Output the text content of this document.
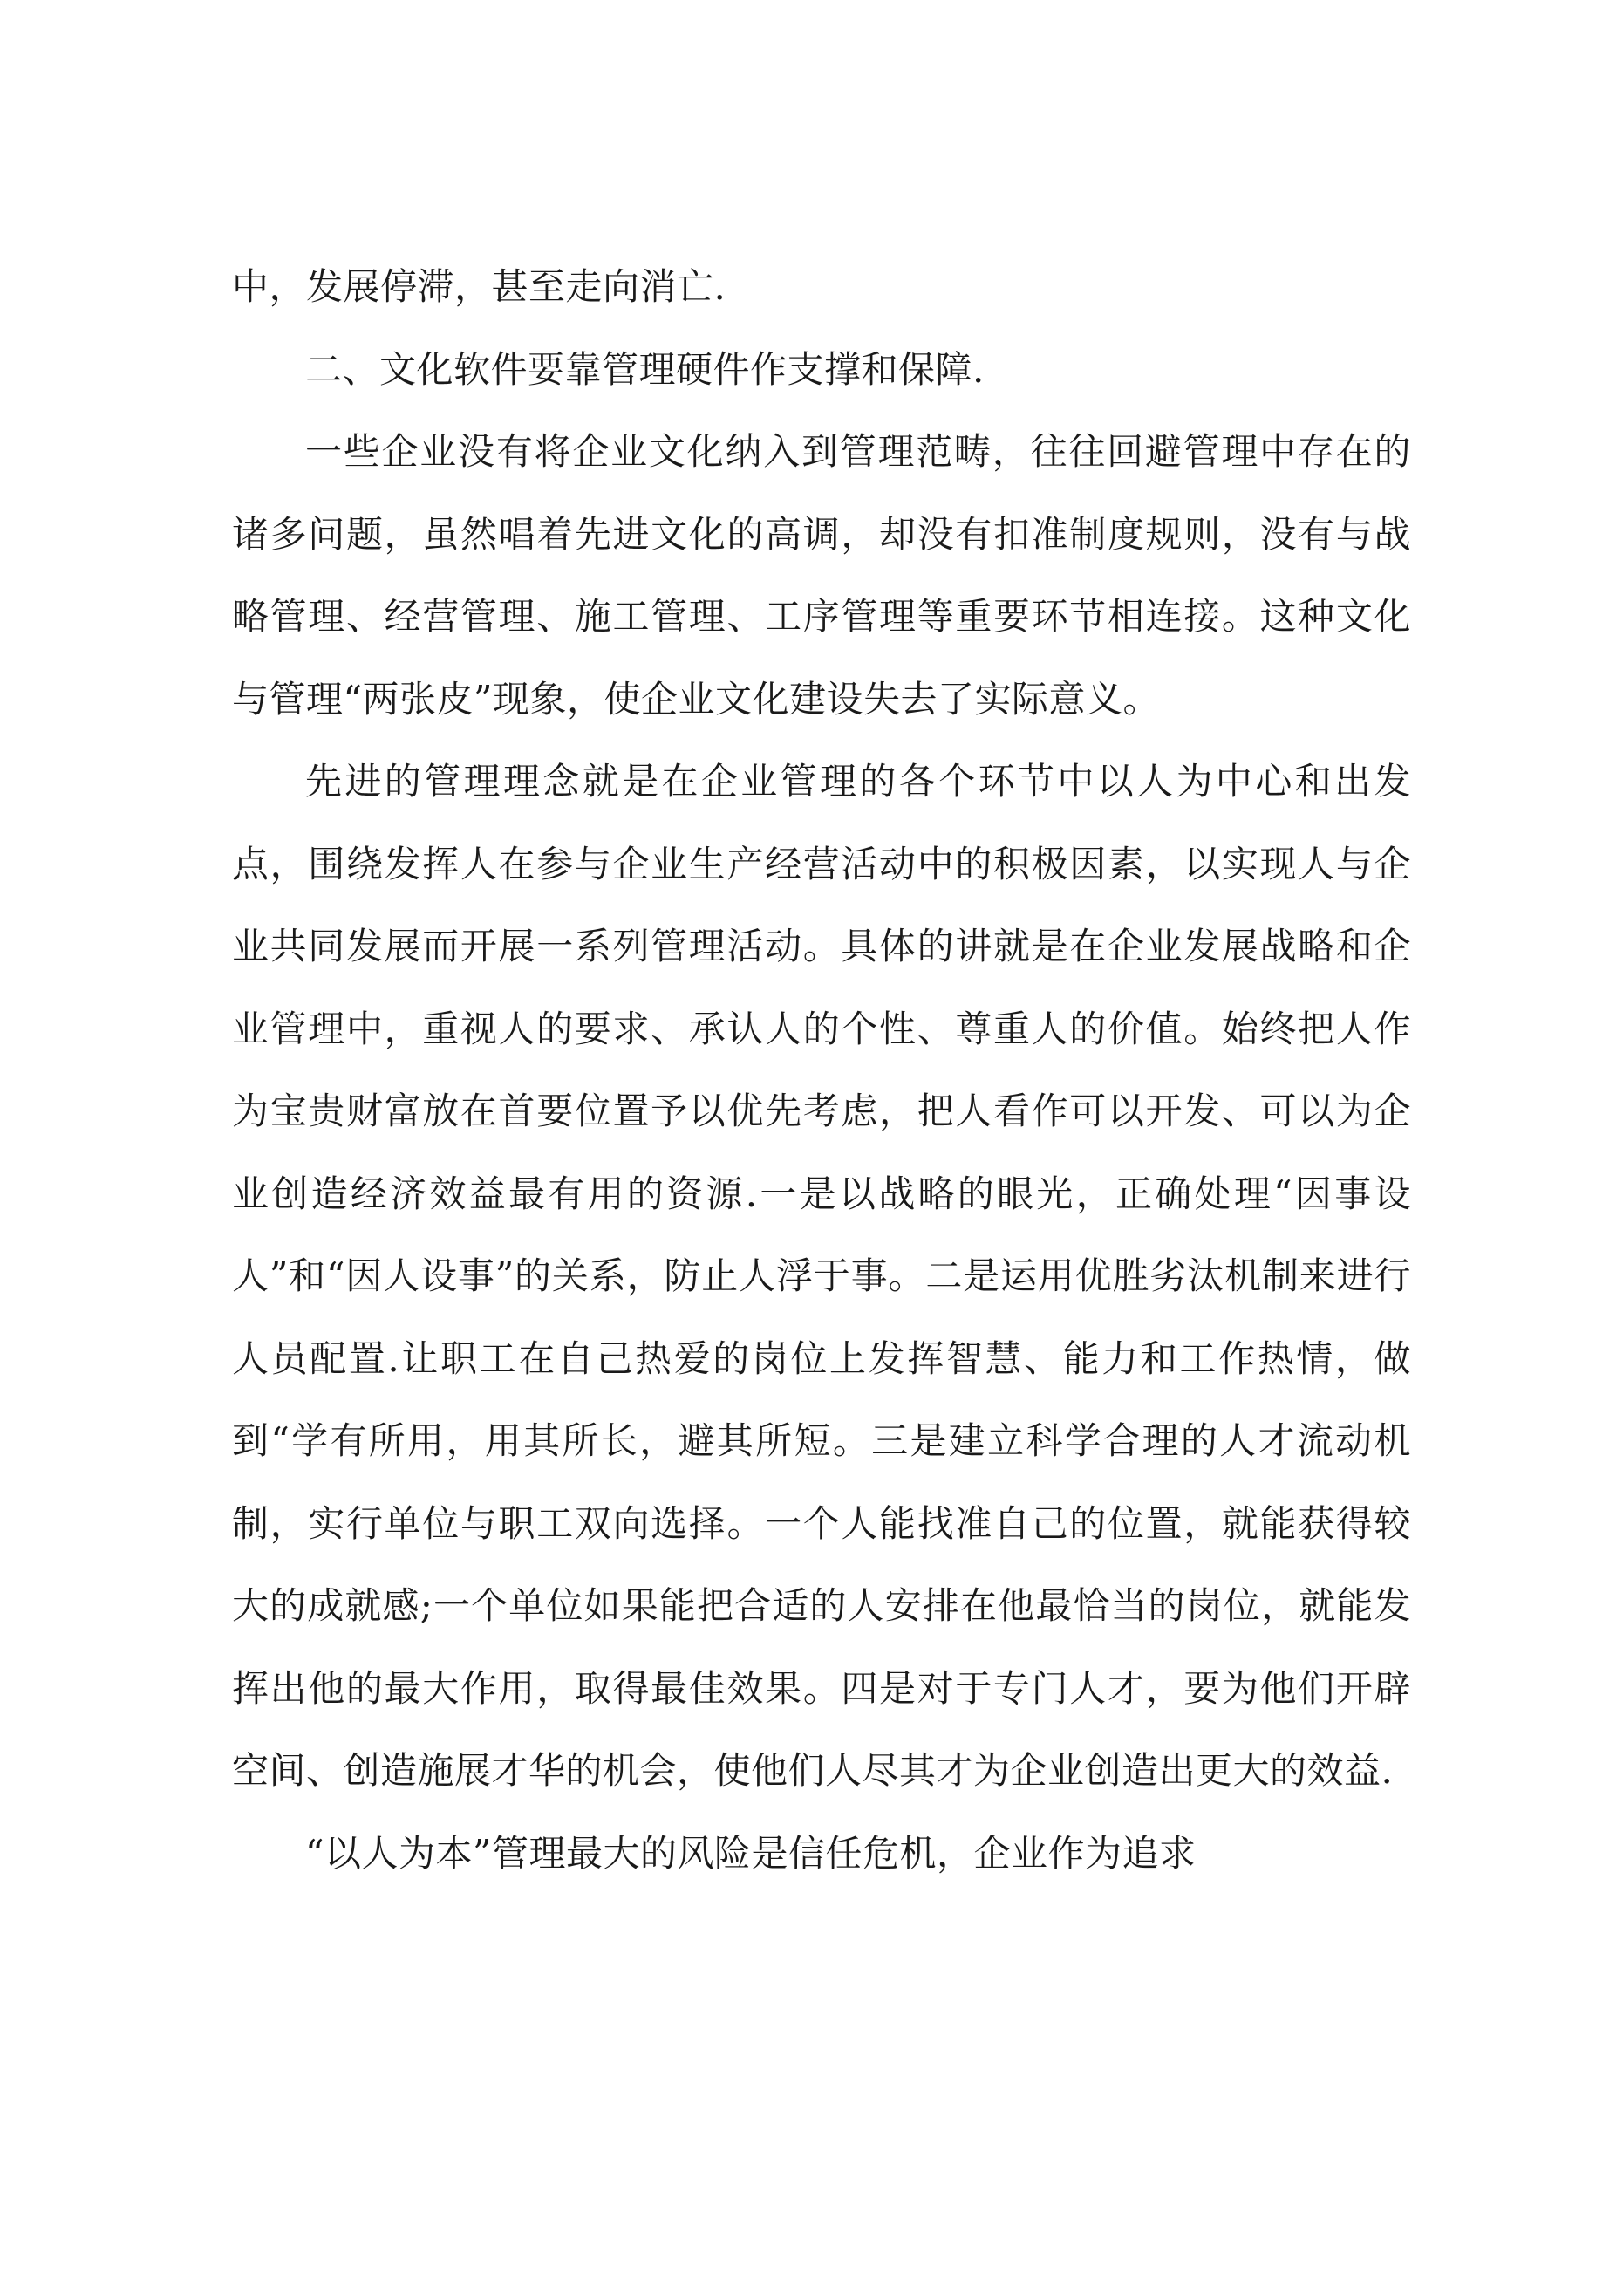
中，发展停滞，甚至走向消亡.

二、文化软件要靠管理硬件作支撑和保障.

一些企业没有将企业文化纳入到管理范畴，往往回避管理中存在的诸多问题，虽然唱着先进文化的高调，却没有扣准制度规则，没有与战略管理、经营管理、施工管理、工序管理等重要环节相连接。这种文化与管理“两张皮”现象，使企业文化建设失去了实际意义。

先进的管理理念就是在企业管理的各个环节中以人为中心和出发点，围绕发挥人在参与企业生产经营活动中的积极因素，以实现人与企业共同发展而开展一系列管理活动。具体的讲就是在企业发展战略和企业管理中，重视人的要求、承认人的个性、尊重人的价值。始终把人作为宝贵财富放在首要位置予以优先考虑，把人看作可以开发、可以为企业创造经济效益最有用的资源.一是以战略的眼光，正确处理“因事设人”和“因人设事”的关系，防止人浮于事。二是运用优胜劣汰机制来进行人员配置.让职工在自己热爱的岗位上发挥智慧、能力和工作热情，做到“学有所用，用其所长，避其所短。三是建立科学合理的人才流动机制，实行单位与职工双向选择。一个人能找准自己的位置，就能获得较大的成就感;一个单位如果能把合适的人安排在他最恰当的岗位，就能发挥出他的最大作用，取得最佳效果。四是对于专门人才，要为他们开辟空间、创造施展才华的机会，使他们人尽其才为企业创造出更大的效益.

“以人为本”管理最大的风险是信任危机，企业作为追求
